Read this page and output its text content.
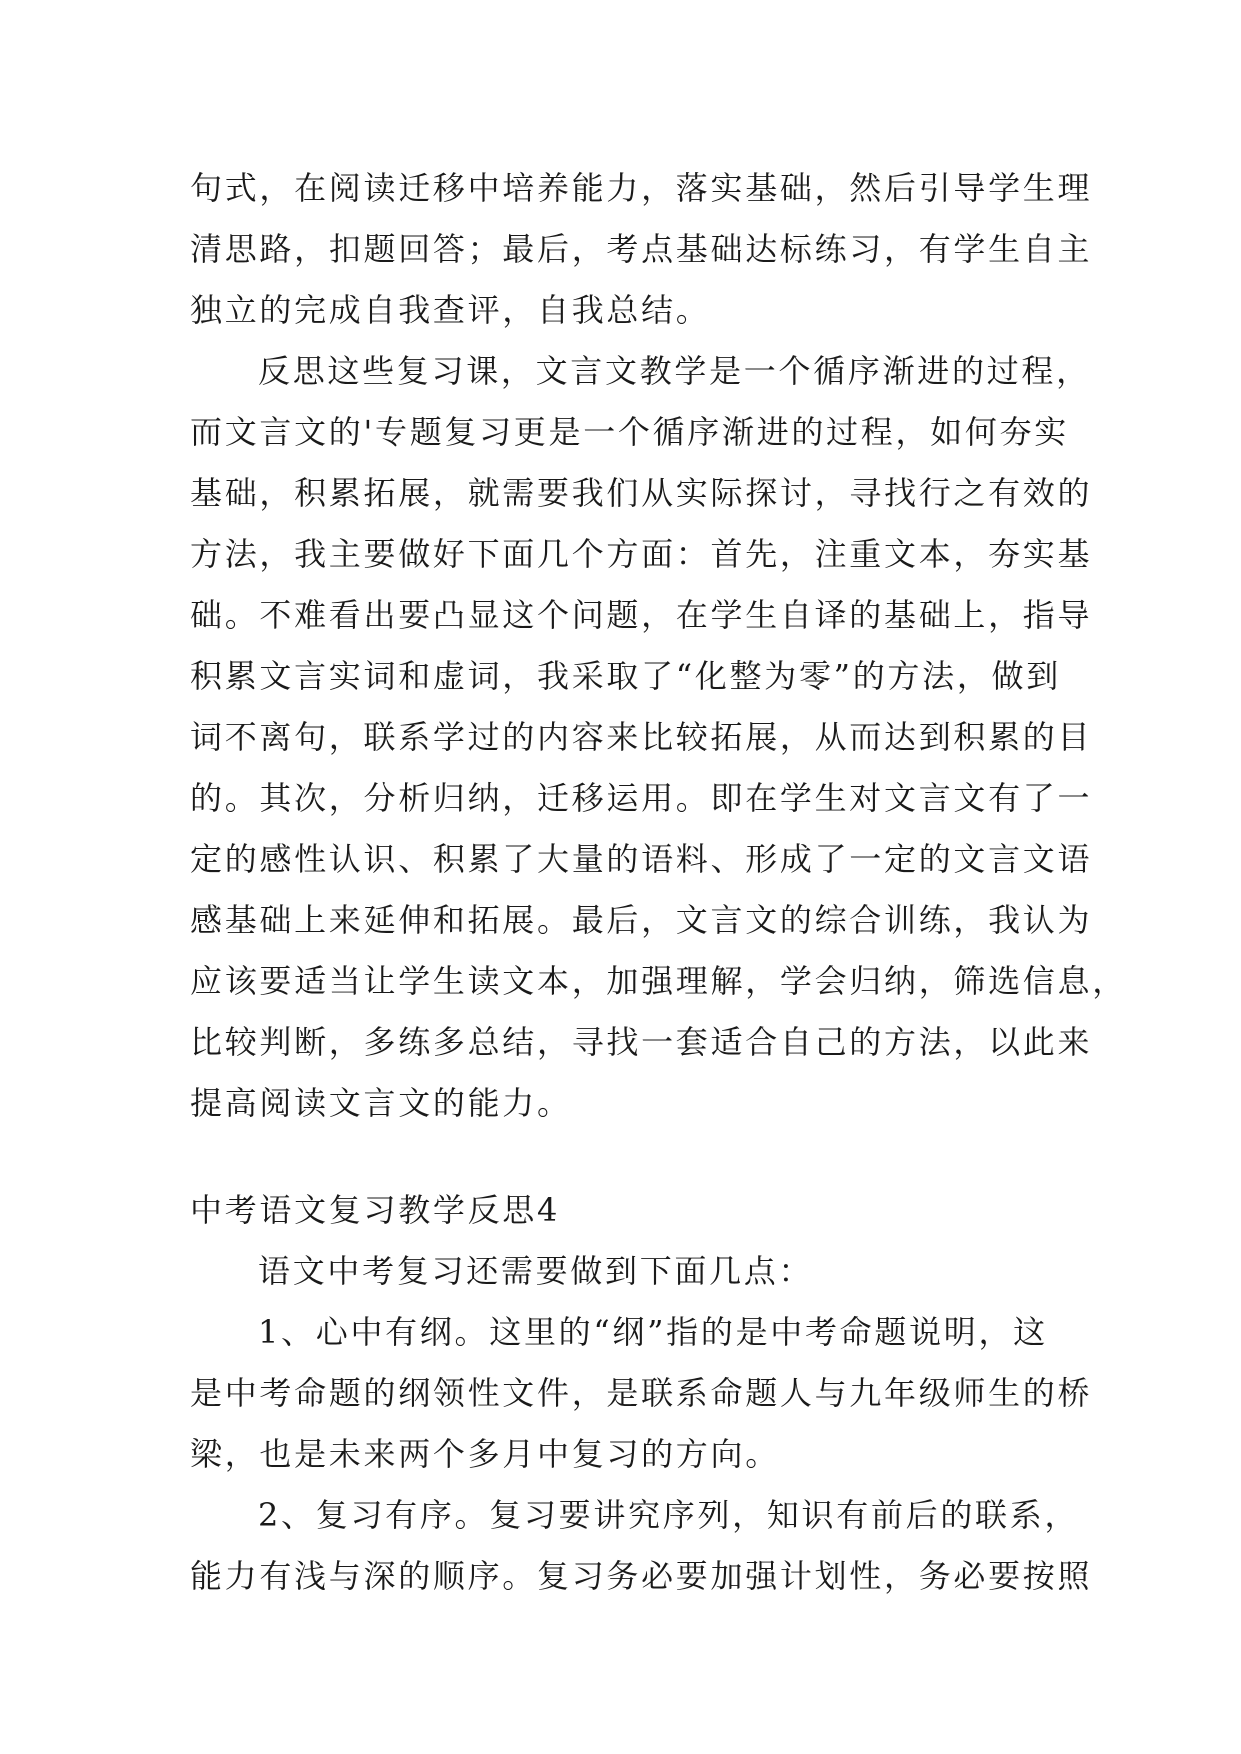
句式，在阅读迁移中培养能力，落实基础，然后引导学生理
清思路，扣题回答；最后，考点基础达标练习，有学生自主
独立的完成自我查评，自我总结。
反思这些复习课，文言文教学是一个循序渐进的过程，
而文言文的'专题复习更是一个循序渐进的过程，如何夯实
基础，积累拓展，就需要我们从实际探讨，寻找行之有效的
方法，我主要做好下面几个方面：首先，注重文本，夯实基
础。不难看出要凸显这个问题，在学生自译的基础上，指导
积累文言实词和虚词，我采取了“化整为零”的方法，做到
词不离句，联系学过的内容来比较拓展，从而达到积累的目
的。其次，分析归纳，迁移运用。即在学生对文言文有了一
定的感性认识、积累了大量的语料、形成了一定的文言文语
感基础上来延伸和拓展。最后，文言文的综合训练，我认为
应该要适当让学生读文本，加强理解，学会归纳，筛选信息，
比较判断，多练多总结，寻找一套适合自己的方法，以此来
提高阅读文言文的能力。
中考语文复习教学反思4
语文中考复习还需要做到下面几点：
1、心中有纲。这里的“纲”指的是中考命题说明，这
是中考命题的纲领性文件，是联系命题人与九年级师生的桥
梁，也是未来两个多月中复习的方向。
2、复习有序。复习要讲究序列，知识有前后的联系，
能力有浅与深的顺序。复习务必要加强计划性，务必要按照
